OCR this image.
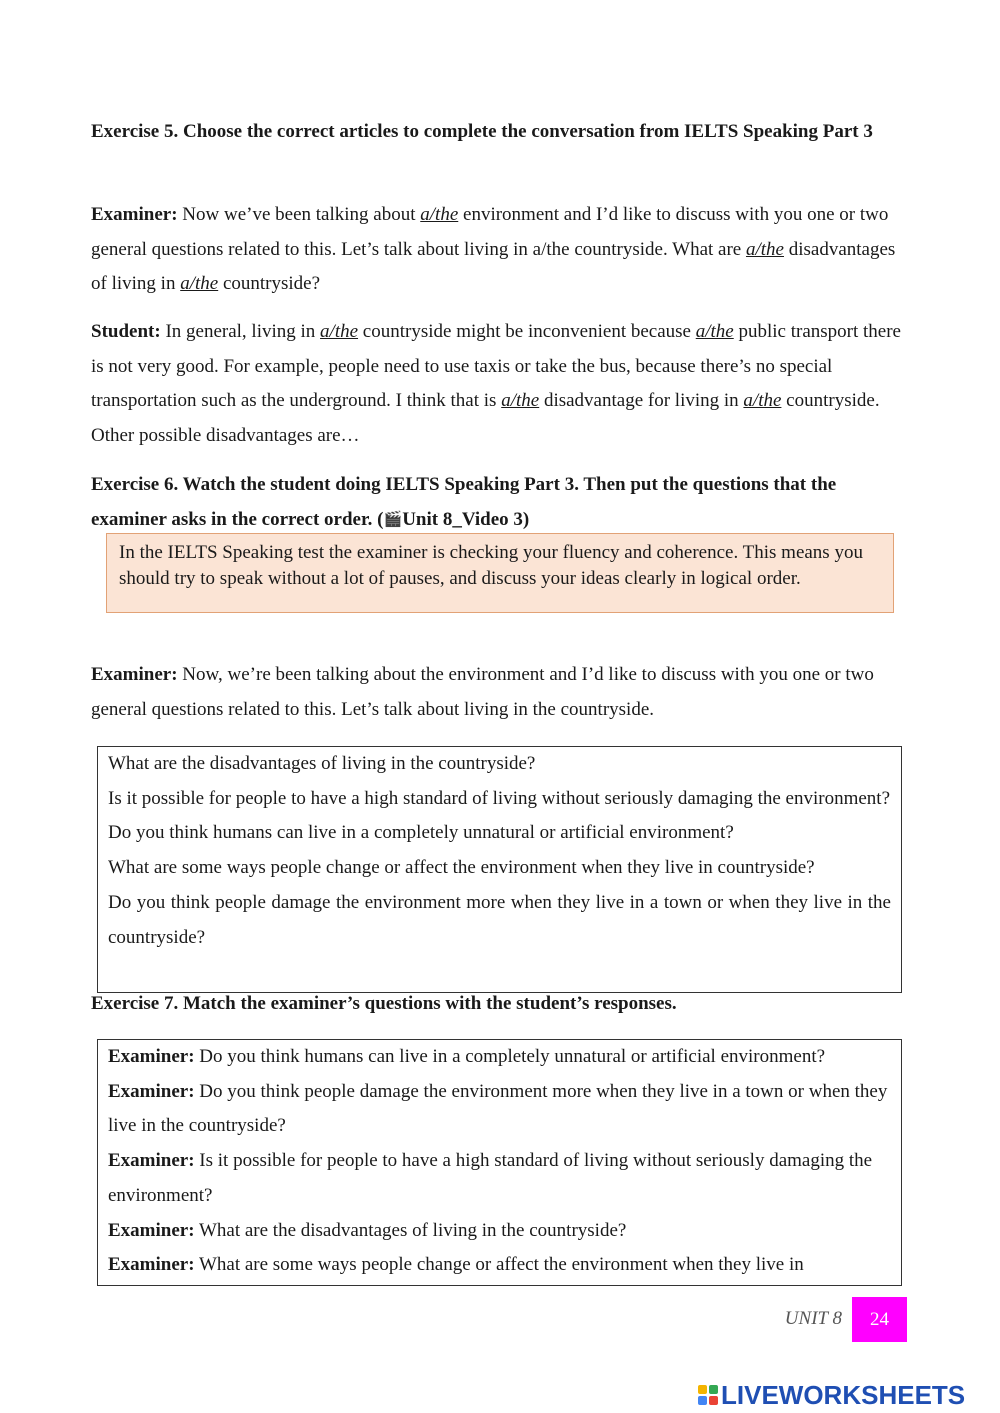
Exercise 5. Choose the correct articles to complete the conversation from IELTS Speaking Part 3

Examiner: Now we’ve been talking about a/the environment and I’d like to discuss with you one or two general questions related to this. Let’s talk about living in a/the countryside. What are a/the disadvantages of living in a/the countryside?

Student: In general, living in a/the countryside might be inconvenient because a/the public transport there is not very good. For example, people need to use taxis or take the bus, because there’s no special transportation such as the underground. I think that is a/the disadvantage for living in a/the countryside. Other possible disadvantages are…

Exercise 6. Watch the student doing IELTS Speaking Part 3. Then put the questions that the examiner asks in the correct order. (🎬Unit 8_Video 3)

In the IELTS Speaking test the examiner is checking your fluency and coherence. This means you should try to speak without a lot of pauses, and discuss your ideas clearly in logical order.

Examiner: Now, we’re been talking about the environment and I’d like to discuss with you one or two general questions related to this. Let’s talk about living in the countryside.

What are the disadvantages of living in the countryside?

Is it possible for people to have a high standard of living without seriously damaging the environment?

Do you think humans can live in a completely unnatural or artificial environment?

What are some ways people change or affect the environment when they live in countryside?

Do you think people damage the environment more when they live in a town or when they live in the countryside?

Exercise 7. Match the examiner’s questions with the student’s responses.

Examiner: Do you think humans can live in a completely unnatural or artificial environment?

Examiner: Do you think people damage the environment more when they live in a town or when they live in the countryside?

Examiner: Is it possible for people to have a high standard of living without seriously damaging the environment?

Examiner: What are the disadvantages of living in the countryside?

Examiner: What are some ways people change or affect the environment when they live in

UNIT 8	24
LIVEWORKSHEETS
